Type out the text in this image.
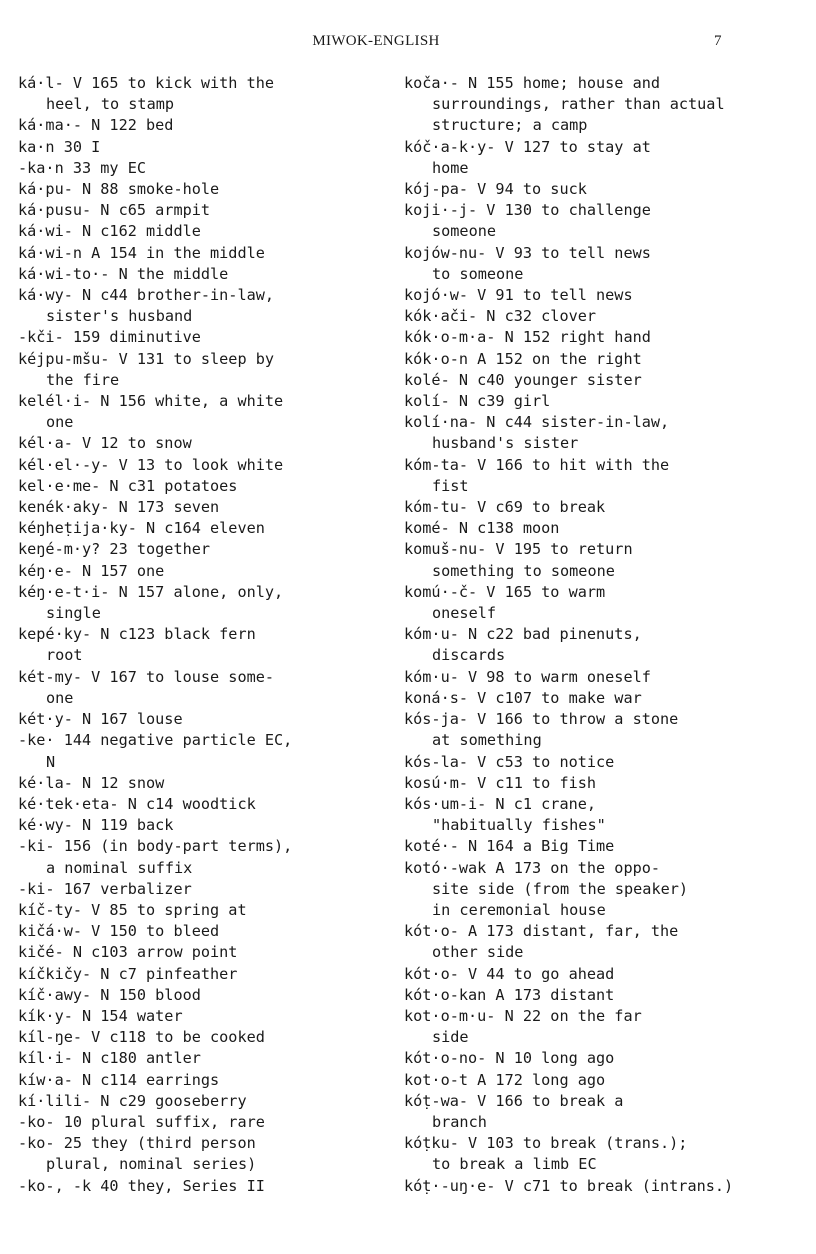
MIWOK-ENGLISH	7
ká·l- V 165 to kick with the
heel, to stamp
ká·ma·- N 122 bed
ka·n 30 I
-ka·n 33 my EC
ká·pu- N 88 smoke-hole
ká·pusu- N c65 armpit
ká·wi- N c162 middle
ká·wi-n A 154 in the middle
ká·wi-to·- N the middle
ká·wy- N c44 brother-in-law,
sister's husband
-kči- 159 diminutive
kéjpu-mšu- V 131 to sleep by
the fire
kelél·i- N 156 white, a white
one
kél·a- V 12 to snow
kél·el·-y- V 13 to look white
kel·e·me- N c31 potatoes
kenék·aky- N 173 seven
kéŋheṭija·ky- N c164 eleven
keŋé-m·y? 23 together
kéŋ·e- N 157 one
kéŋ·e-t·i- N 157 alone, only,
single
kepé·ky- N c123 black fern
root
két-my- V 167 to louse some-
one
két·y- N 167 louse
-ke· 144 negative particle EC,
N
ké·la- N 12 snow
ké·tek·eta- N c14 woodtick
ké·wy- N 119 back
-ki- 156 (in body-part terms),
a nominal suffix
-ki- 167 verbalizer
kíč-ty- V 85 to spring at
kičá·w- V 150 to bleed
kičé- N c103 arrow point
kíčkičy- N c7 pinfeather
kíč·awy- N 150 blood
kík·y- N 154 water
kíl-ŋe- V c118 to be cooked
kíl·i- N c180 antler
kíw·a- N c114 earrings
kí·lili- N c29 gooseberry
-ko- 10 plural suffix, rare
-ko- 25 they (third person
plural, nominal series)
-ko-, -k 40 they, Series II
koča·- N 155 home; house and
surroundings, rather than actual
structure; a camp
kóč·a-k·y- V 127 to stay at
home
kój-pa- V 94 to suck
koji·-j- V 130 to challenge
someone
kojów-nu- V 93 to tell news
to someone
kojó·w- V 91 to tell news
kók·ači- N c32 clover
kók·o-m·a- N 152 right hand
kók·o-n A 152 on the right
kolé- N c40 younger sister
kolí- N c39 girl
kolí·na- N c44 sister-in-law,
husband's sister
kóm-ta- V 166 to hit with the
fist
kóm-tu- V c69 to break
komé- N c138 moon
komuš-nu- V 195 to return
something to someone
komú·-č- V 165 to warm
oneself
kóm·u- N c22 bad pinenuts,
discards
kóm·u- V 98 to warm oneself
koná·s- V c107 to make war
kós-ja- V 166 to throw a stone
at something
kós-la- V c53 to notice
kosú·m- V c11 to fish
kós·um-i- N c1 crane,
"habitually fishes"
koté·- N 164 a Big Time
kotó·-wak A 173 on the oppo-
site side (from the speaker)
in ceremonial house
kót·o- A 173 distant, far, the
other side
kót·o- V 44 to go ahead
kót·o-kan A 173 distant
kot·o-m·u- N 22 on the far
side
kót·o-no- N 10 long ago
kot·o-t A 172 long ago
kóṭ-wa- V 166 to break a
branch
kóṭku- V 103 to break (trans.);
to break a limb EC
kóṭ·-uŋ·e- V c71 to break (intrans.)
